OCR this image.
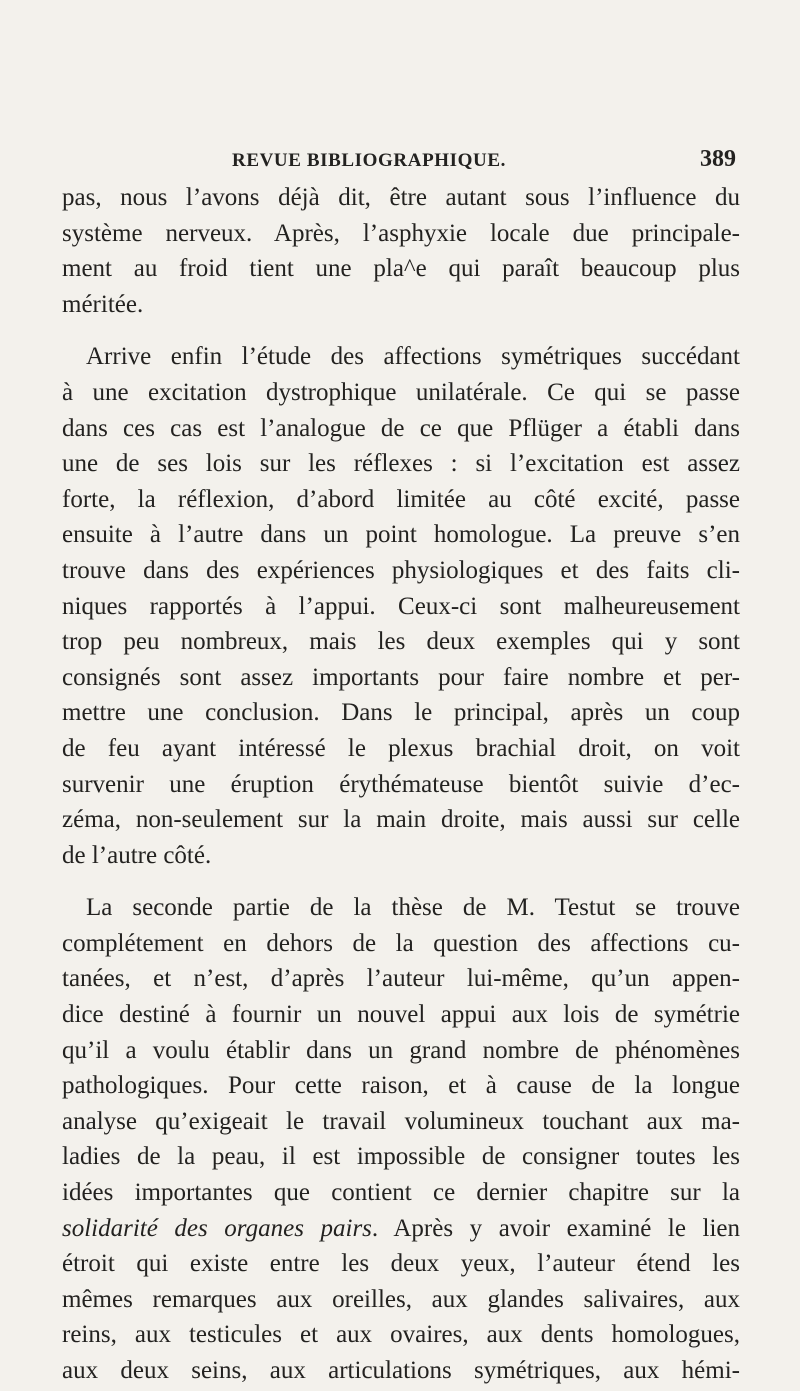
REVUE BIBLIOGRAPHIQUE.	389
pas, nous l’avons déjà dit, être autant sous l’influence du
système nerveux. Après, l’asphyxie locale due principale-
ment au froid tient une pla^e qui paraît beaucoup plus
méritée.
Arrive enfin l’étude des affections symétriques succédant
à une excitation dystrophique unilatérale. Ce qui se passe
dans ces cas est l’analogue de ce que Pflüger a établi dans
une de ses lois sur les réflexes : si l’excitation est assez
forte, la réflexion, d’abord limitée au côté excité, passe
ensuite à l’autre dans un point homologue. La preuve s’en
trouve dans des expériences physiologiques et des faits cli-
niques rapportés à l’appui. Ceux-ci sont malheureusement
trop peu nombreux, mais les deux exemples qui y sont
consignés sont assez importants pour faire nombre et per-
mettre une conclusion. Dans le principal, après un coup
de feu ayant intéressé le plexus brachial droit, on voit
survenir une éruption érythémateuse bientôt suivie d’ec-
zéma, non-seulement sur la main droite, mais aussi sur celle
de l’autre côté.
La seconde partie de la thèse de M. Testut se trouve
complétement en dehors de la question des affections cu-
tanées, et n’est, d’après l’auteur lui-même, qu’un appen-
dice destiné à fournir un nouvel appui aux lois de symétrie
qu’il a voulu établir dans un grand nombre de phénomènes
pathologiques. Pour cette raison, et à cause de la longue
analyse qu’exigeait le travail volumineux touchant aux ma-
ladies de la peau, il est impossible de consigner toutes les
idées importantes que contient ce dernier chapitre sur la
solidarité des organes pairs. Après y avoir examiné le lien
étroit qui existe entre les deux yeux, l’auteur étend les
mêmes remarques aux oreilles, aux glandes salivaires, aux
reins, aux testicules et aux ovaires, aux dents homologues,
aux deux seins, aux articulations symétriques, aux hémi-
